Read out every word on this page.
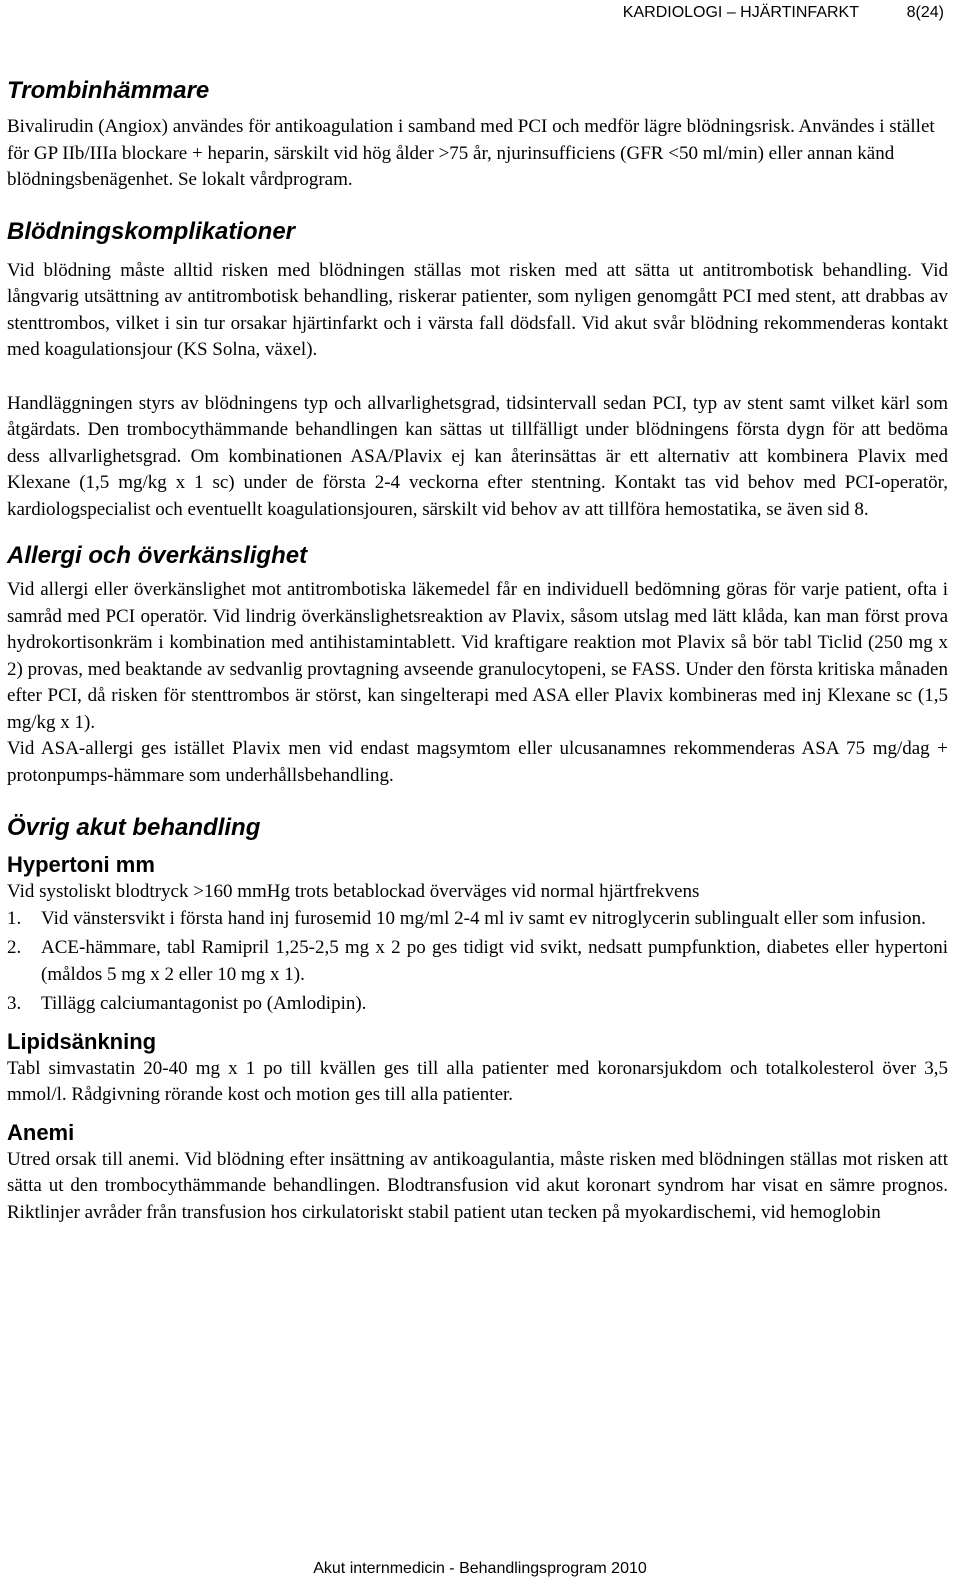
KARDIOLOGI – HJÄRTINFARKT	8(24)
Trombinhämmare

Bivalirudin (Angiox) användes för antikoagulation i samband med PCI och medför lägre blödningsrisk. Användes i stället för GP IIb/IIIa blockare + heparin, särskilt vid hög ålder >75 år, njurinsufficiens (GFR <50 ml/min) eller annan känd blödningsbenägenhet. Se lokalt vårdprogram.

Blödningskomplikationer

Vid blödning måste alltid risken med blödningen ställas mot risken med att sätta ut antitrombotisk behandling. Vid långvarig utsättning av antitrombotisk behandling, riskerar patienter, som nyligen genomgått PCI med stent, att drabbas av stenttrombos, vilket i sin tur orsakar hjärtinfarkt och i värsta fall dödsfall. Vid akut svår blödning rekommenderas kontakt med koagulationsjour (KS Solna, växel).

Handläggningen styrs av blödningens typ och allvarlighetsgrad, tidsintervall sedan PCI, typ av stent samt vilket kärl som åtgärdats. Den trombocythämmande behandlingen kan sättas ut tillfälligt under blödningens första dygn för att bedöma dess allvarlighetsgrad. Om kombinationen ASA/Plavix ej kan återinsättas är ett alternativ att kombinera Plavix med Klexane (1,5 mg/kg x 1 sc) under de första 2-4 veckorna efter stentning. Kontakt tas vid behov med PCI-operatör, kardiologspecialist och eventuellt koagulationsjouren, särskilt vid behov av att tillföra hemostatika, se även sid 8.

Allergi och överkänslighet

Vid allergi eller överkänslighet mot antitrombotiska läkemedel får en individuell bedömning göras för varje patient, ofta i samråd med PCI operatör. Vid lindrig överkänslighetsreaktion av Plavix, såsom utslag med lätt klåda, kan man först prova hydrokortisonkräm i kombination med antihistamintablett. Vid kraftigare reaktion mot Plavix så bör tabl Ticlid (250 mg x 2) provas, med beaktande av sedvanlig provtagning avseende granulocytopeni, se FASS. Under den första kritiska månaden efter PCI, då risken för stenttrombos är störst, kan singelterapi med ASA eller Plavix kombineras med inj Klexane sc (1,5 mg/kg x 1).

Vid ASA-allergi ges istället Plavix men vid endast magsymtom eller ulcusanamnes rekommenderas ASA 75 mg/dag + protonpumps-hämmare som underhållsbehandling.

Övrig akut behandling
Hypertoni mm

Vid systoliskt blodtryck >160 mmHg trots betablockad överväges vid normal hjärtfrekvens

1. Vid vänstersvikt i första hand inj furosemid 10 mg/ml 2-4 ml iv samt ev nitroglycerin sublingualt eller som infusion.
2. ACE-hämmare, tabl Ramipril 1,25-2,5 mg x 2 po ges tidigt vid svikt, nedsatt pumpfunktion, diabetes eller hypertoni (måldos 5 mg x 2 eller 10 mg x 1).
3. Tillägg calciumantagonist po (Amlodipin).
Lipidsänkning

Tabl simvastatin 20-40 mg x 1 po till kvällen ges till alla patienter med koronarsjukdom och totalkolesterol över 3,5 mmol/l. Rådgivning rörande kost och motion ges till alla patienter.

Anemi

Utred orsak till anemi. Vid blödning efter insättning av antikoagulantia, måste risken med blödningen ställas mot risken att sätta ut den trombocythämmande behandlingen. Blodtransfusion vid akut koronart syndrom har visat en sämre prognos. Riktlinjer avråder från transfusion hos cirkulatoriskt stabil patient utan tecken på myokardischemi, vid hemoglobin

Akut internmedicin - Behandlingsprogram 2010
